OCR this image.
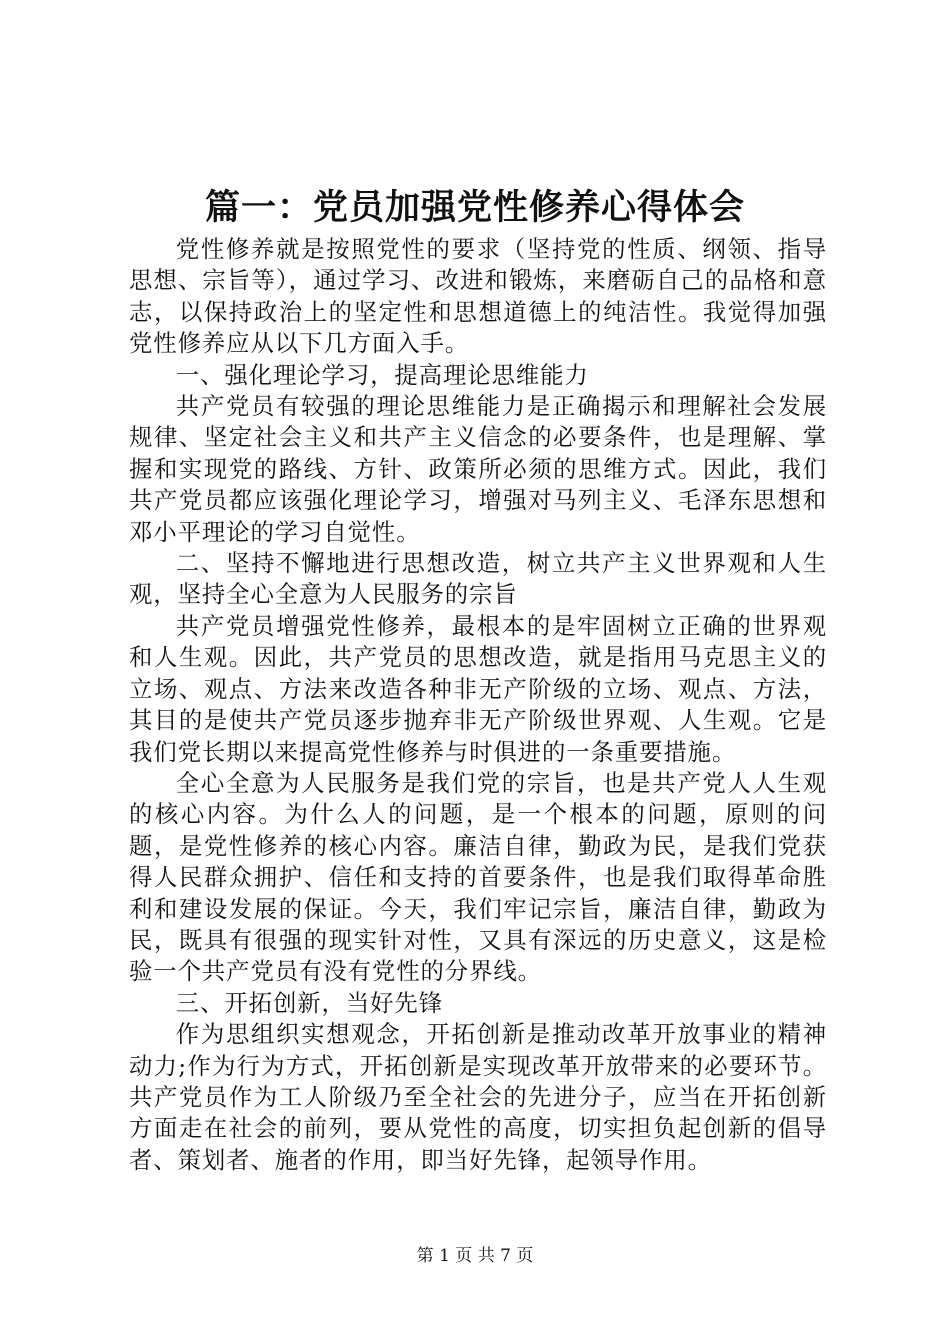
篇一：党员加强党性修养心得体会

党性修养就是按照党性的要求（坚持党的性质、纲领、指导思想、宗旨等），通过学习、改进和锻炼，来磨砺自己的品格和意志，以保持政治上的坚定性和思想道德上的纯洁性。我觉得加强党性修养应从以下几方面入手。

一、强化理论学习，提高理论思维能力

共产党员有较强的理论思维能力是正确揭示和理解社会发展规律、坚定社会主义和共产主义信念的必要条件，也是理解、掌握和实现党的路线、方针、政策所必须的思维方式。因此，我们共产党员都应该强化理论学习，增强对马列主义、毛泽东思想和邓小平理论的学习自觉性。

二、坚持不懈地进行思想改造，树立共产主义世界观和人生观，坚持全心全意为人民服务的宗旨

共产党员增强党性修养，最根本的是牢固树立正确的世界观和人生观。因此，共产党员的思想改造，就是指用马克思主义的立场、观点、方法来改造各种非无产阶级的立场、观点、方法，其目的是使共产党员逐步抛弃非无产阶级世界观、人生观。它是我们党长期以来提高党性修养与时俱进的一条重要措施。

全心全意为人民服务是我们党的宗旨，也是共产党人人生观的核心内容。为什么人的问题，是一个根本的问题，原则的问题，是党性修养的核心内容。廉洁自律，勤政为民，是我们党获得人民群众拥护、信任和支持的首要条件，也是我们取得革命胜利和建设发展的保证。今天，我们牢记宗旨，廉洁自律，勤政为民，既具有很强的现实针对性，又具有深远的历史意义，这是检验一个共产党员有没有党性的分界线。

三、开拓创新，当好先锋

作为思组织实想观念，开拓创新是推动改革开放事业的精神动力;作为行为方式，开拓创新是实现改革开放带来的必要环节。共产党员作为工人阶级乃至全社会的先进分子，应当在开拓创新方面走在社会的前列，要从党性的高度，切实担负起创新的倡导者、策划者、施者的作用，即当好先锋，起领导作用。

第 1 页 共 7 页
